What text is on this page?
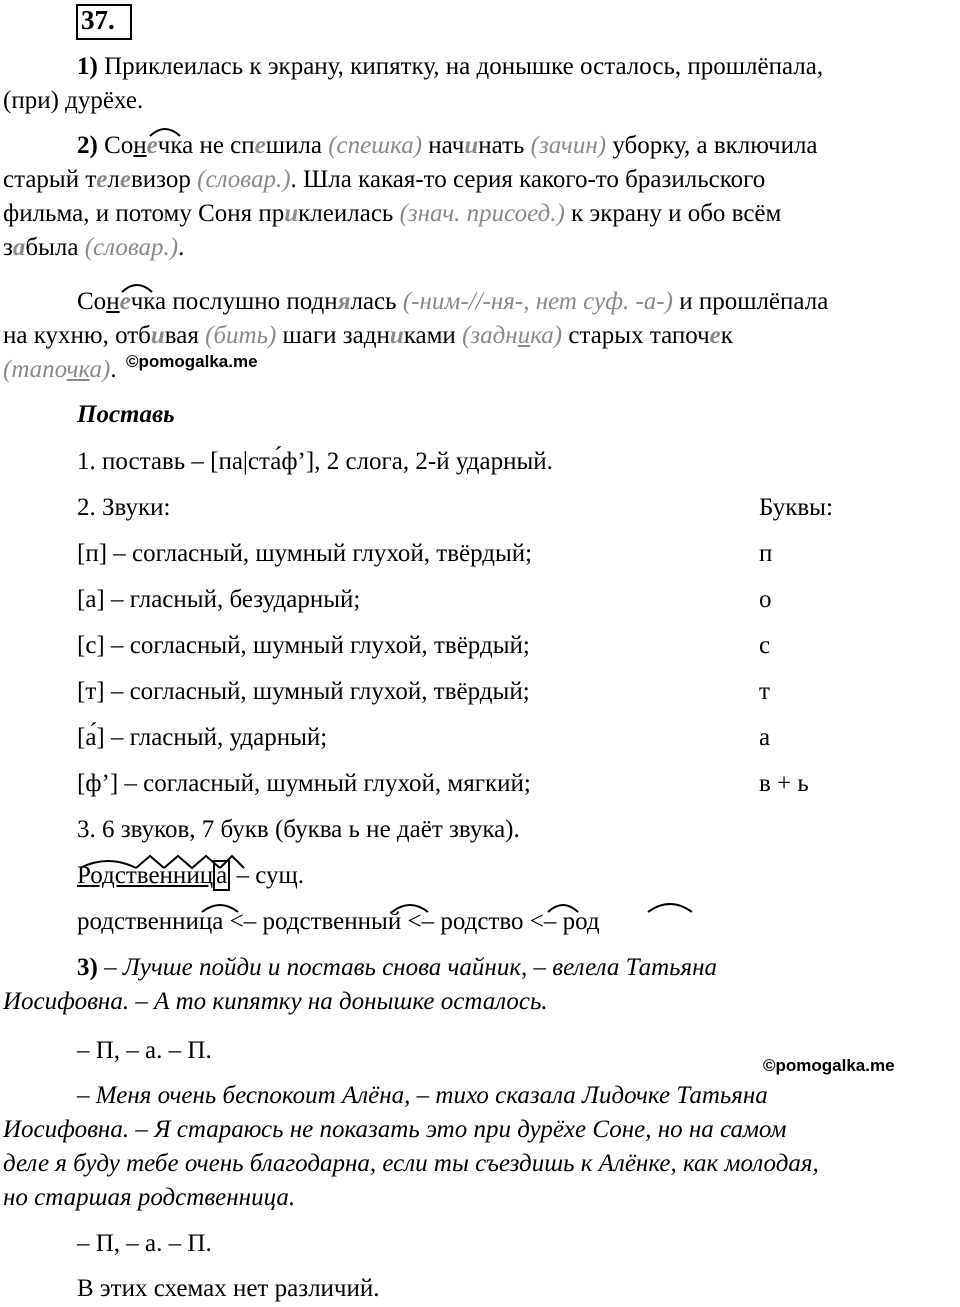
37.
1) Приклеилась к экрану, кипятку, на донышке осталось, прошлёпала,
(при) дурёхе.
2) Сонечка не спешила (спешка) начинать (зачин) уборку, а включила
старый телевизор (словар.). Шла какая-то серия какого-то бразильского
фильма, и потому Соня приклеилась (знач. присоед.) к экрану и обо всём
забыла (словар.).
Сонечка послушно поднялась (-ним-//-ня-, нет суф. -а-) и прошлёпала
на кухню, отбивая (бить) шаги задниками (задника) старых тапочек
(тапочка). ©pomogalka.me
Поставь
1. поставь – [па|ста́ф’], 2 слога, 2-й ударный.
2. Звуки:	Буквы:
[п] – согласный, шумный глухой, твёрдый;	п
[а] – гласный, безударный;	о
[с] – согласный, шумный глухой, твёрдый;	с
[т] – согласный, шумный глухой, твёрдый;	т
[а́] – гласный, ударный;	а
[ф’] – согласный, шумный глухой, мягкий;	в + ь
3. 6 звуков, 7 букв (буква ь не даёт звука).
Родственниц а – сущ.
родственница <– родственный <– родство <– род
3) – Лучше пойди и поставь снова чайник, – велела Татьяна
Иосифовна. – А то кипятку на донышке осталось.
– П, – а. – П.
©pomogalka.me
– Меня очень беспокоит Алёна, – тихо сказала Лидочке Татьяна
Иосифовна. – Я стараюсь не показать это при дурёхе Соне, но на самом
деле я буду тебе очень благодарна, если ты съездишь к Алёнке, как молодая,
но старшая родственница.
– П, – а. – П.
В этих схемах нет различий.
